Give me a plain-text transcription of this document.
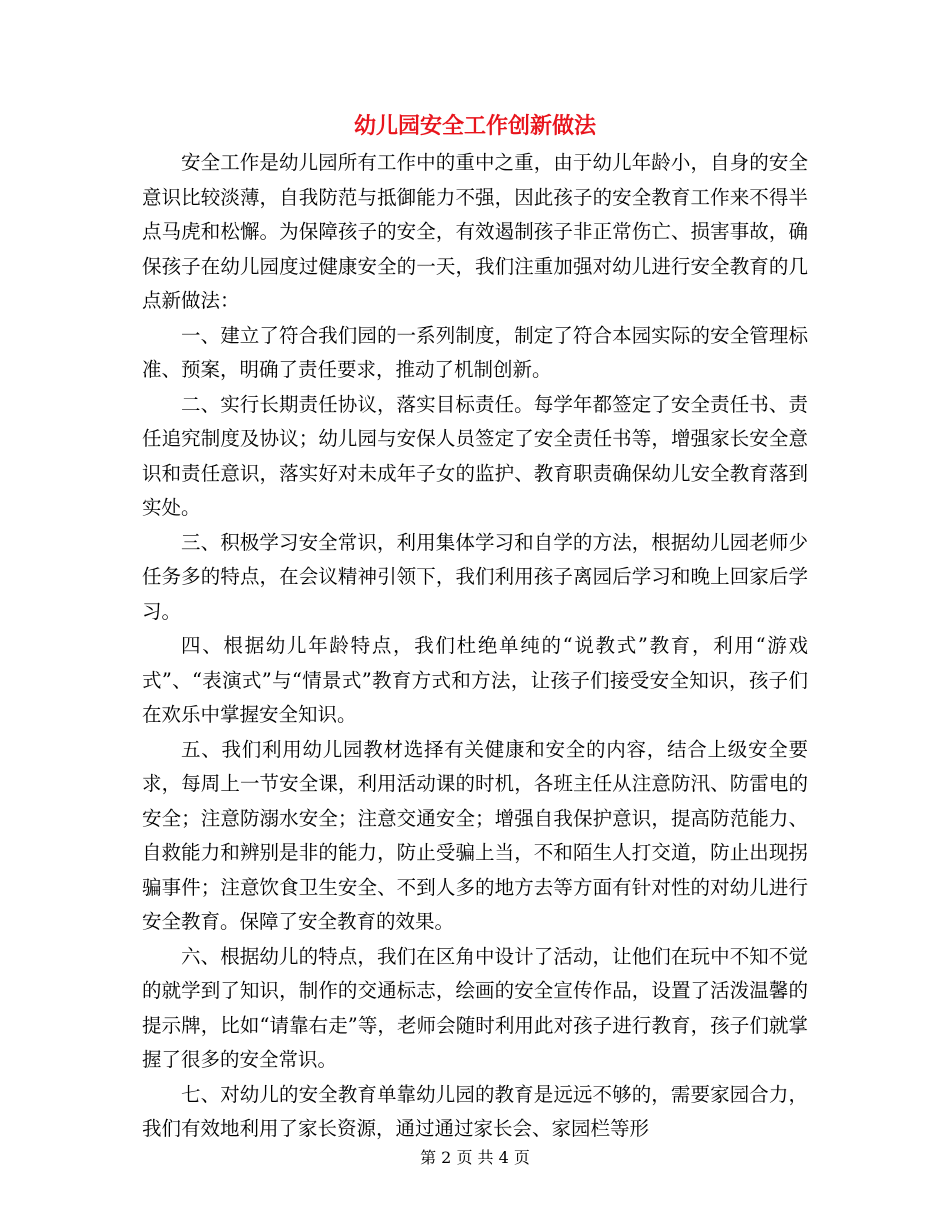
幼儿园安全工作创新做法

安全工作是幼儿园所有工作中的重中之重，由于幼儿年龄小，自身的安全意识比较淡薄，自我防范与抵御能力不强，因此孩子的安全教育工作来不得半点马虎和松懈。为保障孩子的安全，有效遏制孩子非正常伤亡、损害事故，确保孩子在幼儿园度过健康安全的一天，我们注重加强对幼儿进行安全教育的几点新做法：

一、建立了符合我们园的一系列制度，制定了符合本园实际的安全管理标准、预案，明确了责任要求，推动了机制创新。

二、实行长期责任协议，落实目标责任。每学年都签定了安全责任书、责任追究制度及协议；幼儿园与安保人员签定了安全责任书等，增强家长安全意识和责任意识，落实好对未成年子女的监护、教育职责确保幼儿安全教育落到实处。

三、积极学习安全常识，利用集体学习和自学的方法，根据幼儿园老师少任务多的特点，在会议精神引领下，我们利用孩子离园后学习和晚上回家后学习。

四、根据幼儿年龄特点，我们杜绝单纯的“说教式”教育，利用“游戏式”、“表演式”与“情景式”教育方式和方法，让孩子们接受安全知识，孩子们在欢乐中掌握安全知识。

五、我们利用幼儿园教材选择有关健康和安全的内容，结合上级安全要求，每周上一节安全课，利用活动课的时机，各班主任从注意防汛、防雷电的安全；注意防溺水安全；注意交通安全；增强自我保护意识，提高防范能力、自救能力和辨别是非的能力，防止受骗上当，不和陌生人打交道，防止出现拐骗事件；注意饮食卫生安全、不到人多的地方去等方面有针对性的对幼儿进行安全教育。保障了安全教育的效果。

六、根据幼儿的特点，我们在区角中设计了活动，让他们在玩中不知不觉的就学到了知识，制作的交通标志，绘画的安全宣传作品，设置了活泼温馨的提示牌，比如“请靠右走”等，老师会随时利用此对孩子进行教育，孩子们就掌握了很多的安全常识。

七、对幼儿的安全教育单靠幼儿园的教育是远远不够的，需要家园合力，我们有效地利用了家长资源，通过通过家长会、家园栏等形

第 2 页 共 4 页
